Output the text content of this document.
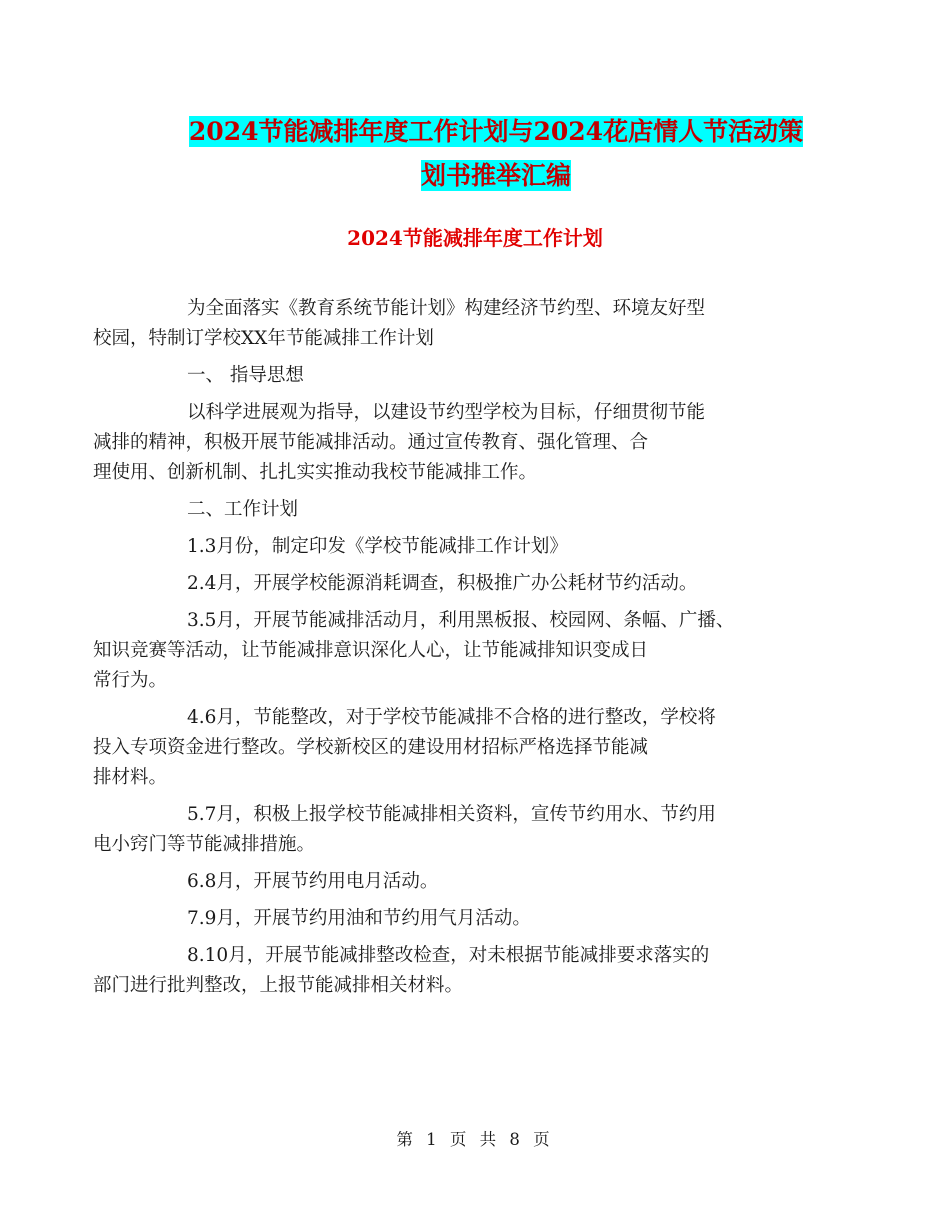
2024节能减排年度工作计划与2024花店情人节活动策
划书推举汇编
2024节能减排年度工作计划

为全面落实《教育系统节能计划》构建经济节约型、环境友好型
校园，特制订学校XX年节能减排工作计划

一、 指导思想

以科学进展观为指导，以建设节约型学校为目标，仔细贯彻节能
减排的精神，积极开展节能减排活动。通过宣传教育、强化管理、合
理使用、创新机制、扎扎实实推动我校节能减排工作。

二、工作计划

1.3月份，制定印发《学校节能减排工作计划》

2.4月，开展学校能源消耗调查，积极推广办公耗材节约活动。

3.5月，开展节能减排活动月，利用黑板报、校园网、条幅、广播、
知识竞赛等活动，让节能减排意识深化人心，让节能减排知识变成日
常行为。

4.6月，节能整改，对于学校节能减排不合格的进行整改，学校将
投入专项资金进行整改。学校新校区的建设用材招标严格选择节能减
排材料。

5.7月，积极上报学校节能减排相关资料，宣传节约用水、节约用
电小窍门等节能减排措施。

6.8月，开展节约用电月活动。

7.9月，开展节约用油和节约用气月活动。

8.10月，开展节能减排整改检查，对未根据节能减排要求落实的
部门进行批判整改，上报节能减排相关材料。

第 1 页 共 8 页
